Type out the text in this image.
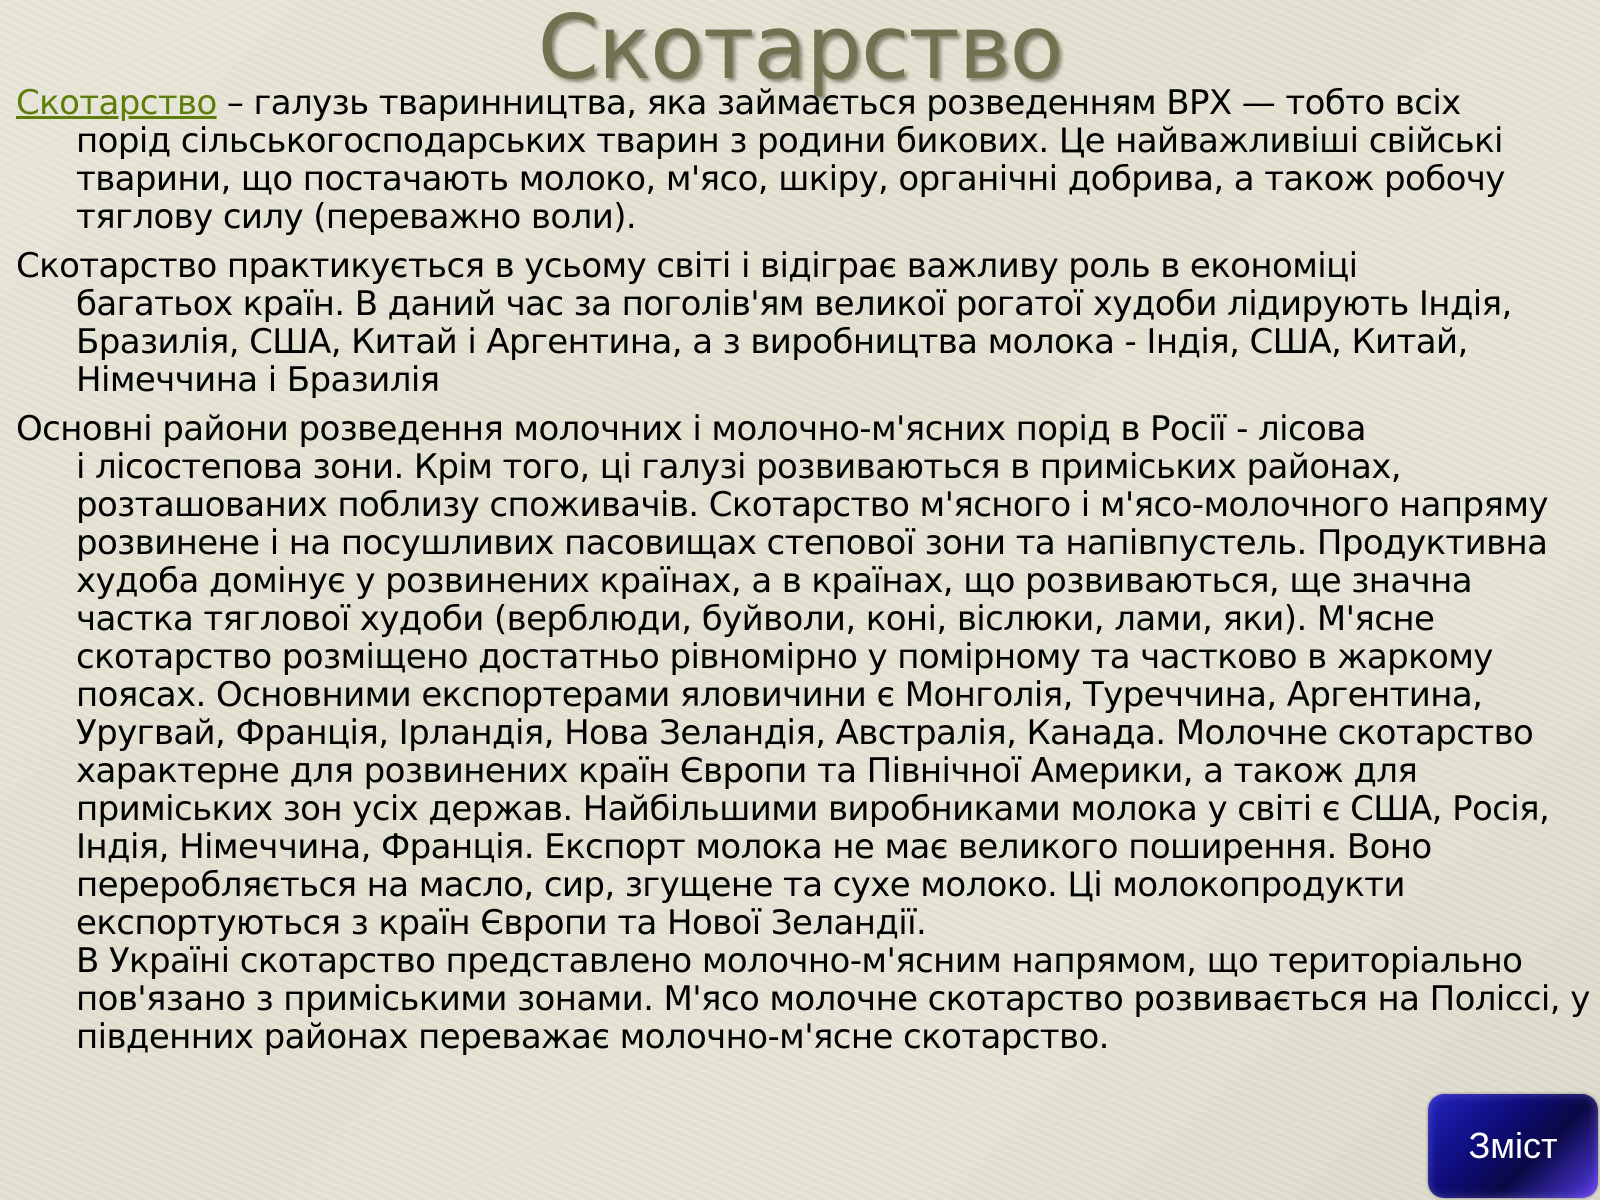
Скотарство

Скотарство – галузь тваринництва, яка займається розведенням ВРХ — тобто всіх
порід сільськогосподарських тварин з родини бикових. Це найважливіші свійські тварини, що постачають молоко, м'ясо, шкіру, органічні добрива, а також робочу тяглову силу (переважно воли).

Скотарство практикується в усьому світі і відіграє важливу роль в економіці
багатьох країн. В даний час за поголів'ям великої рогатої худоби лідирують Індія, Бразилія, США, Китай і Аргентина, а з виробництва молока - Індія, США, Китай, Німеччина і Бразилія

Основні райони розведення молочних і молочно-м'ясних порід в Росії - лісова
і лісостепова зони. Крім того, ці галузі розвиваються в приміських районах, розташованих поблизу споживачів. Скотарство м'ясного і м'ясо-молочного напряму розвинене і на посушливих пасовищах степової зони та напівпустель. Продуктивна худоба домінує у розвинених країнах, а в країнах, що розвиваються, ще значна частка тяглової худоби (верблюди, буйволи, коні, віслюки, лами, яки). М'ясне скотарство розміщено достатньо рівномірно у помірному та частково в жаркому поясах. Основними експортерами яловичини є Монголія, Туреччина, Аргентина, Уругвай, Франція, Ірландія, Нова Зеландія, Австралія, Канада. Молочне скотарство характерне для розвинених країн Європи та Північної Америки, а також для приміських зон усіх держав. Найбільшими виробниками молока у світі є США, Росія, Індія, Німеччина, Франція. Експорт молока не має великого поширення. Воно переробляється на масло, сир, згущене та сухе молоко. Ці молокопродукти експортуються з країн Європи та Нової Зеландії.
В Україні скотарство представлено молочно-м'ясним напрямом, що територіально пов'язано з приміськими зонами. М'ясо молочне скотарство розвивається на Поліссі, у південних районах переважає молочно-м'ясне скотарство.

Зміст
